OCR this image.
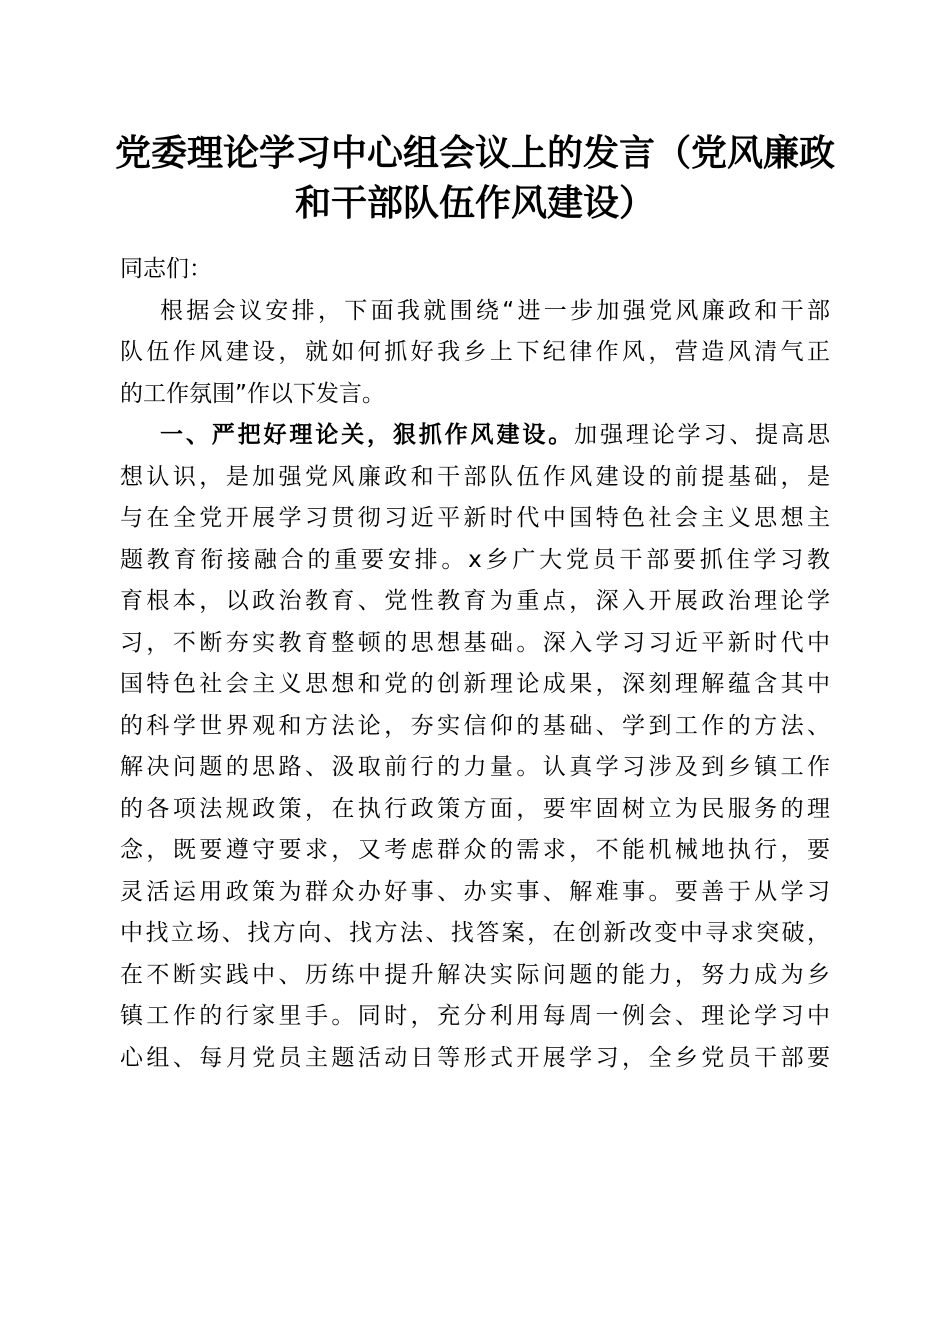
党委理论学习中心组会议上的发言（党风廉政
和干部队伍作风建设）
同志们：
根据会议安排，下面我就围绕“进一步加强党风廉政和干部
队伍作风建设，就如何抓好我乡上下纪律作风，营造风清气正
的工作氛围”作以下发言。
一、严把好理论关，狠抓作风建设。加强理论学习、提高思
想认识，是加强党风廉政和干部队伍作风建设的前提基础，是
与在全党开展学习贯彻习近平新时代中国特色社会主义思想主
题教育衔接融合的重要安排。x乡广大党员干部要抓住学习教
育根本，以政治教育、党性教育为重点，深入开展政治理论学
习，不断夯实教育整顿的思想基础。深入学习习近平新时代中
国特色社会主义思想和党的创新理论成果，深刻理解蕴含其中
的科学世界观和方法论，夯实信仰的基础、学到工作的方法、
解决问题的思路、汲取前行的力量。认真学习涉及到乡镇工作
的各项法规政策，在执行政策方面，要牢固树立为民服务的理
念，既要遵守要求，又考虑群众的需求，不能机械地执行，要
灵活运用政策为群众办好事、办实事、解难事。要善于从学习
中找立场、找方向、找方法、找答案，在创新改变中寻求突破，
在不断实践中、历练中提升解决实际问题的能力，努力成为乡
镇工作的行家里手。同时，充分利用每周一例会、理论学习中
心组、每月党员主题活动日等形式开展学习，全乡党员干部要
